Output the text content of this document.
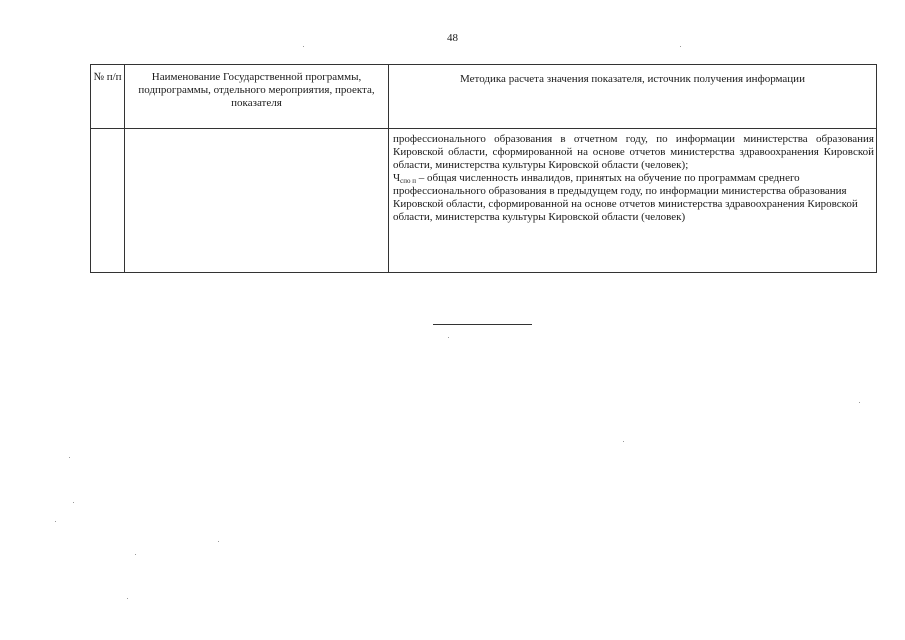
48
№ п/п	Наименование Государственной программы, подпрограммы, отдельного мероприятия, проекта, показателя	Методика расчета значения показателя, источник получения информации

		профессионального образования в отчетном году, по информации министерства образования Кировской области, сформированной на основе отчетов министерства здравоохранения Кировской области, министерства культуры Кировской области (человек);

$Ч_{спо п}$ – общая численность инвалидов, принятых на обучение по программам среднего профессионального образования в предыдущем году, по информации министерства образования Кировской области, сформированной на основе отчетов министерства здравоохранения Кировской области, министерства культуры Кировской области (человек)
